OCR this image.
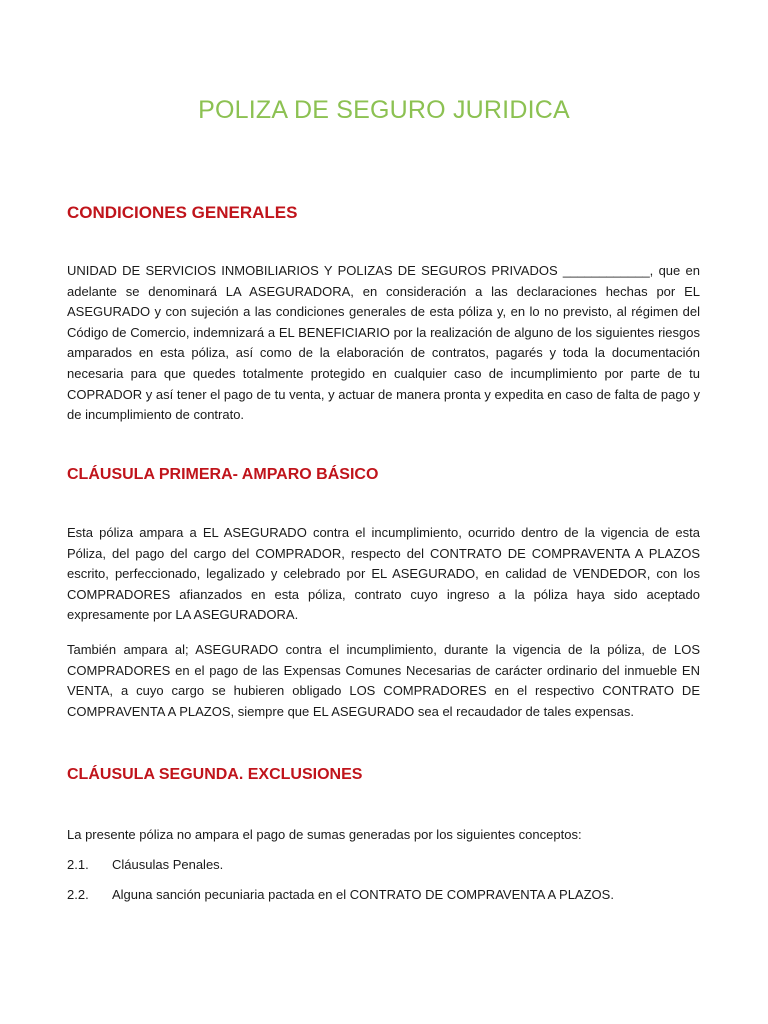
POLIZA DE SEGURO JURIDICA
CONDICIONES GENERALES

UNIDAD DE SERVICIOS INMOBILIARIOS Y POLIZAS DE SEGUROS PRIVADOS ____________, que en adelante se denominará LA ASEGURADORA, en consideración a las declaraciones hechas por EL ASEGURADO y con sujeción a las condiciones generales de esta póliza y, en lo no previsto, al régimen del Código de Comercio, indemnizará a EL BENEFICIARIO por la realización de alguno de los siguientes riesgos amparados en esta póliza, así como de la elaboración de contratos, pagarés y toda la documentación necesaria para que quedes totalmente protegido en cualquier caso de incumplimiento por parte de tu COPRADOR y así tener el pago de tu venta, y actuar de manera pronta y expedita en caso de falta de pago y de incumplimiento de contrato.

CLÁUSULA PRIMERA- AMPARO BÁSICO

Esta póliza ampara a EL ASEGURADO contra el incumplimiento, ocurrido dentro de la vigencia de esta Póliza, del pago del cargo del COMPRADOR, respecto del CONTRATO DE COMPRAVENTA A PLAZOS escrito, perfeccionado, legalizado y celebrado por EL ASEGURADO, en calidad de VENDEDOR, con los COMPRADORES afianzados en esta póliza, contrato cuyo ingreso a la póliza haya sido aceptado expresamente por LA ASEGURADORA.

También ampara al; ASEGURADO contra el incumplimiento, durante la vigencia de la póliza, de LOS COMPRADORES en el pago de las Expensas Comunes Necesarias de carácter ordinario del inmueble EN VENTA, a cuyo cargo se hubieren obligado LOS COMPRADORES en el respectivo CONTRATO DE COMPRAVENTA A PLAZOS, siempre que EL ASEGURADO sea el recaudador de tales expensas.

CLÁUSULA SEGUNDA. EXCLUSIONES

La presente póliza no ampara el pago de sumas generadas por los siguientes conceptos:

2.1. Cláusulas Penales.
2.2. Alguna sanción pecuniaria pactada en el CONTRATO DE COMPRAVENTA A PLAZOS.
